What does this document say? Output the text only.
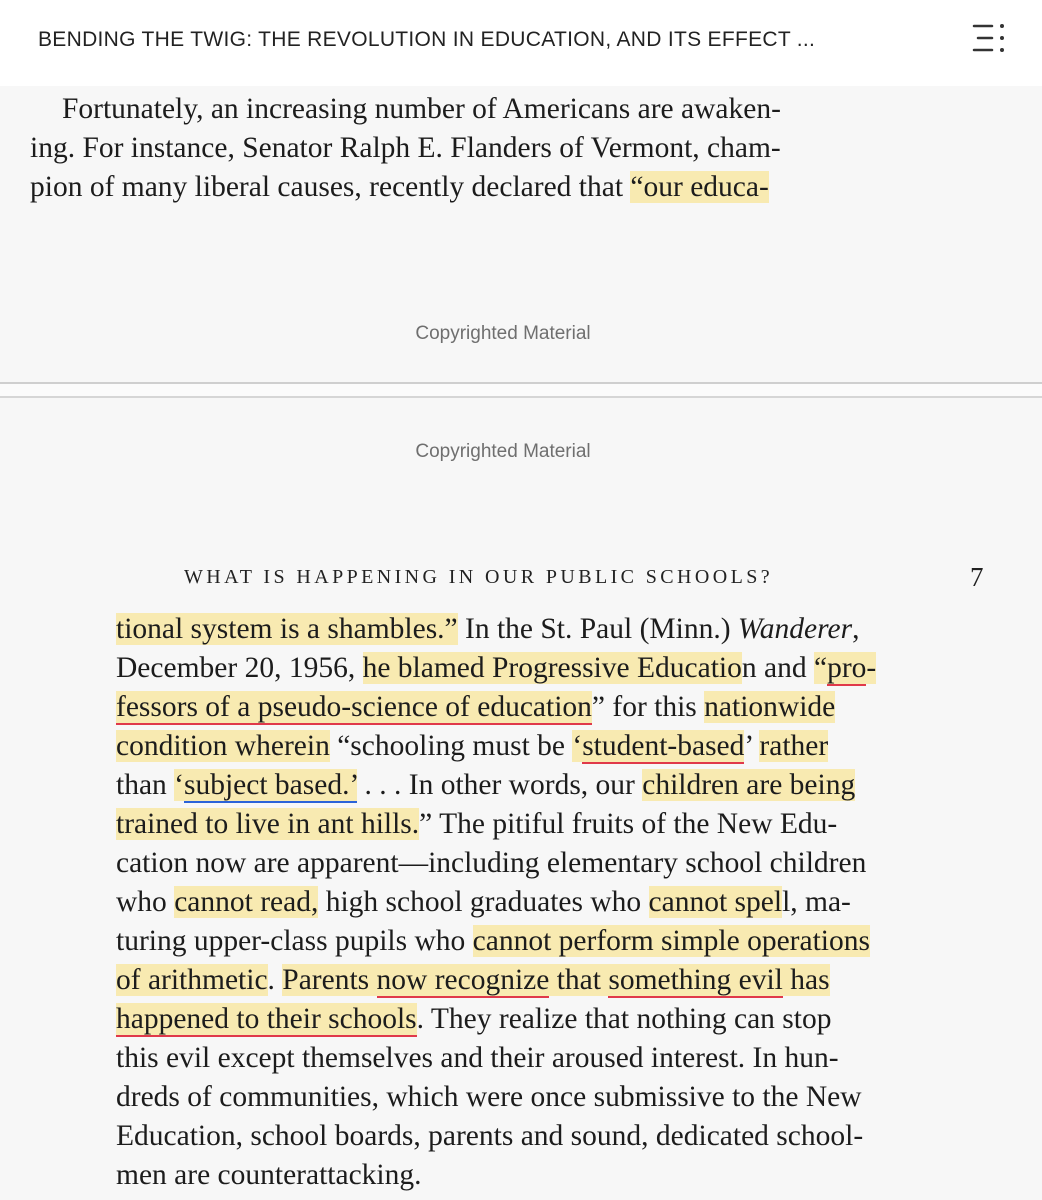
BENDING THE TWIG: THE REVOLUTION IN EDUCATION, AND ITS EFFECT ...
Fortunately, an increasing number of Americans are awaken-
ing. For instance, Senator Ralph E. Flanders of Vermont, cham-
pion of many liberal causes, recently declared that “our educa-
Copyrighted Material
Copyrighted Material
WHAT IS HAPPENING IN OUR PUBLIC SCHOOLS?	7
tional system is a shambles.” In the St. Paul (Minn.) Wanderer,
December 20, 1956, he blamed Progressive Education and “pro-
fessors of a pseudo-science of education” for this nationwide
condition wherein “schooling must be ‘student-based’ rather
than ‘subject based.’ . . . In other words, our children are being
trained to live in ant hills.” The pitiful fruits of the New Edu-
cation now are apparent—including elementary school children
who cannot read, high school graduates who cannot spell, ma-
turing upper-class pupils who cannot perform simple operations
of arithmetic. Parents now recognize that something evil has
happened to their schools. They realize that nothing can stop
this evil except themselves and their aroused interest. In hun-
dreds of communities, which were once submissive to the New
Education, school boards, parents and sound, dedicated school-
men are counterattacking.
